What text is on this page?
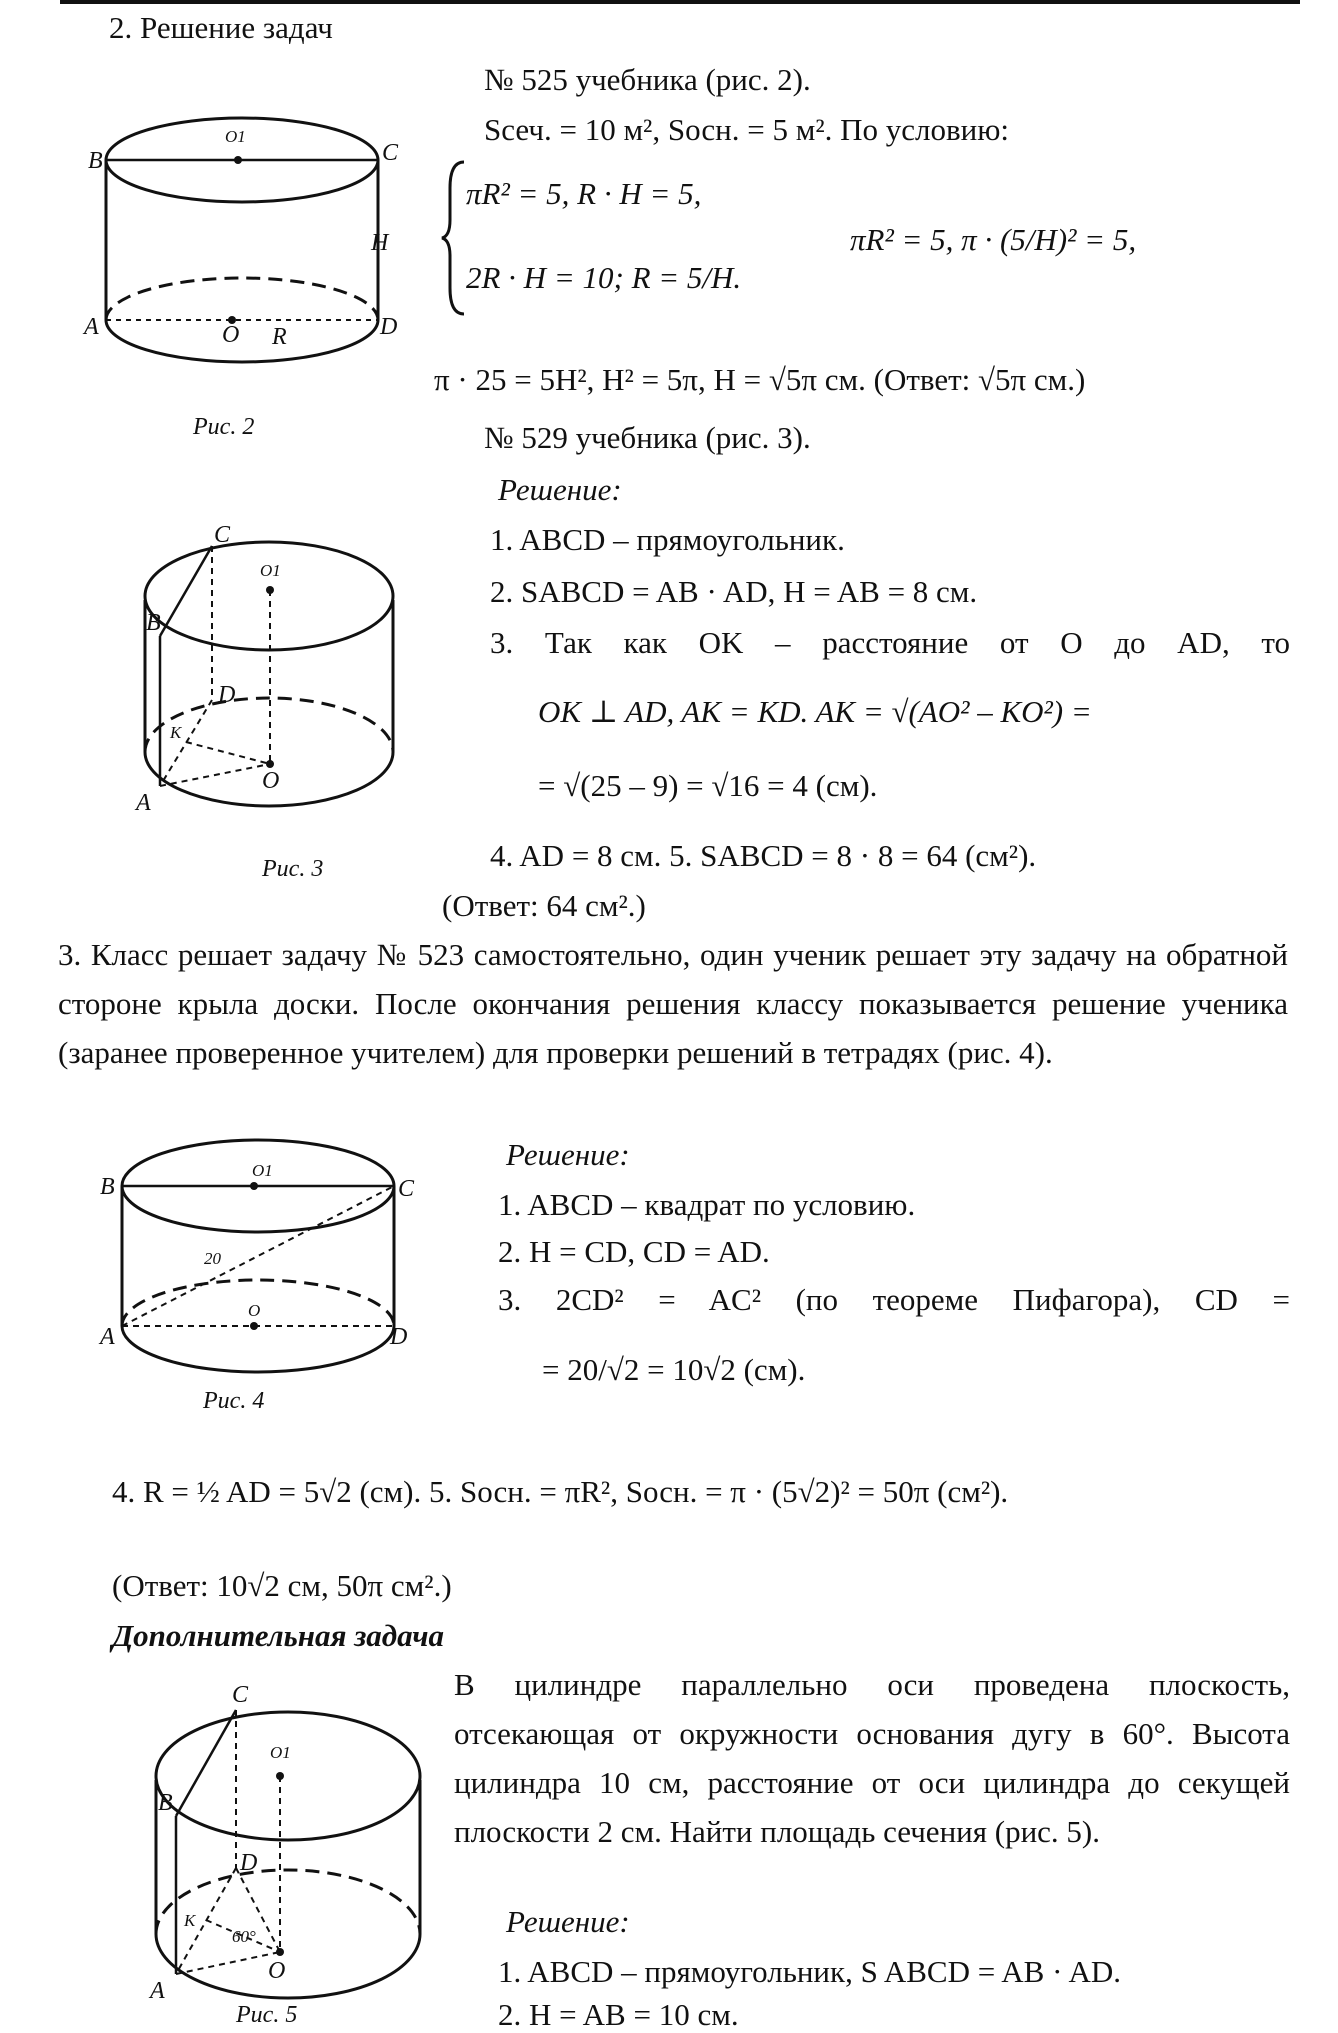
2. Решение задач
B
O1
C
H
A	O R	D
Рис. 2
№ 525 учебника (рис. 2).
Sсеч. = 10 м², Sосн. = 5 м². По условию:
πR² = 5, R · H = 5,
2R · H = 10; R = 5/H.
πR² = 5, π · (5/H)² = 5,
π · 25 = 5H², H² = 5π, H = √5π см. (Ответ: √5π см.)
№ 529 учебника (рис. 3).
Решение:
1. ABCD – прямоугольник.
2. SABCD = AB · AD, H = AB = 8 см.
3. Так как OK – расстояние от O до AD, то
OK ⊥ AD, AK = KD. AK = √(AO² – KO²) =
= √(25 – 9) = √16 = 4 (см).
4. AD = 8 см. 5. SABCD = 8 · 8 = 64 (см²).
(Ответ: 64 см².)
C
O1
B
D
K
O
A
Рис. 3
3. Класс решает задачу № 523 самостоятельно, один ученик решает эту задачу на обратной стороне крыла доски. После окончания решения классу показывается решение ученика (заранее проверенное учителем) для проверки решений в тетрадях (рис. 4).
B
O1
C
20
A
O
D
Рис. 4
Решение:
1. ABCD – квадрат по условию.
2. H = CD, CD = AD.
3. 2CD² = AC² (по теореме Пифагора), CD =
= 20/√2 = 10√2 (см).
4. R = ½ AD = 5√2 (см). 5. Sосн. = πR², Sосн. = π · (5√2)² = 50π (см²).
(Ответ: 10√2 см, 50π см².)
Дополнительная задача
В цилиндре параллельно оси проведена плоскость, отсекающая от окружности основания дугу в 60°. Высота цилиндра 10 см, расстояние от оси цилиндра до секущей плоскости 2 см. Найти площадь сечения (рис. 5).
Решение:
1. ABCD – прямоугольник, S ABCD = AB · AD.
2. H = AB = 10 см.
C
O1
B
D
K
60°
O
A
Рис. 5
